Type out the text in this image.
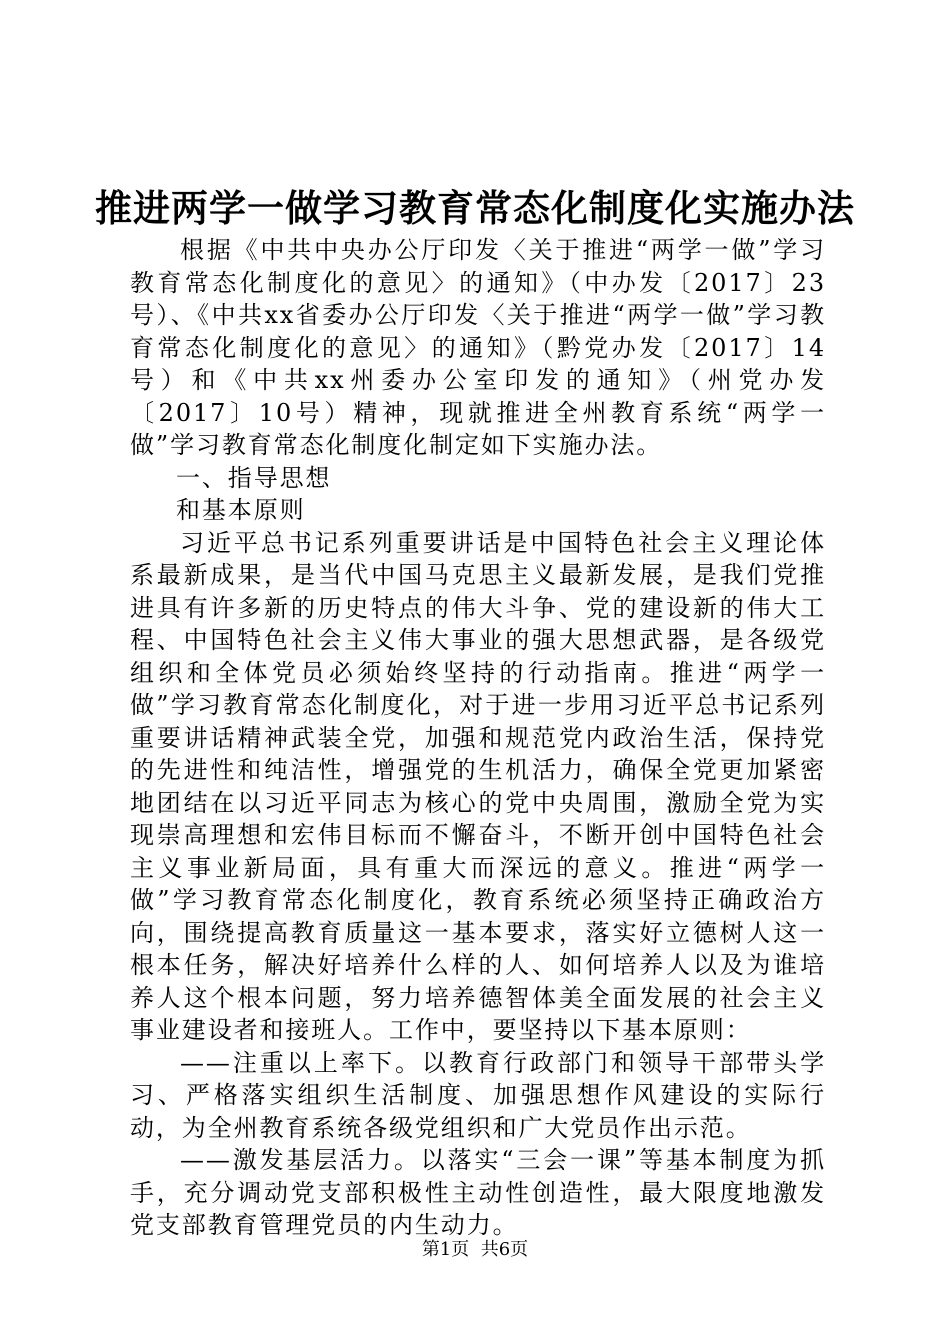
推进两学一做学习教育常态化制度化实施办法

根据《中共中央办公厅印发〈关于推进“两学一做”学习教育常态化制度化的意见〉的通知》（中办发〔2017〕23号）、《中共xx省委办公厅印发〈关于推进“两学一做”学习教育常态化制度化的意见〉的通知》（黔党办发〔2017〕14号）和《中共xx州委办公室印发的通知》（州党办发〔2017〕10号）精神，现就推进全州教育系统“两学一做”学习教育常态化制度化制定如下实施办法。

一、指导思想

和基本原则

习近平总书记系列重要讲话是中国特色社会主义理论体系最新成果，是当代中国马克思主义最新发展，是我们党推进具有许多新的历史特点的伟大斗争、党的建设新的伟大工程、中国特色社会主义伟大事业的强大思想武器，是各级党组织和全体党员必须始终坚持的行动指南。推进“两学一做”学习教育常态化制度化，对于进一步用习近平总书记系列重要讲话精神武装全党，加强和规范党内政治生活，保持党的先进性和纯洁性，增强党的生机活力，确保全党更加紧密地团结在以习近平同志为核心的党中央周围，激励全党为实现崇高理想和宏伟目标而不懈奋斗，不断开创中国特色社会主义事业新局面，具有重大而深远的意义。推进“两学一做”学习教育常态化制度化，教育系统必须坚持正确政治方向，围绕提高教育质量这一基本要求，落实好立德树人这一根本任务，解决好培养什么样的人、如何培养人以及为谁培养人这个根本问题，努力培养德智体美全面发展的社会主义事业建设者和接班人。工作中，要坚持以下基本原则：

——注重以上率下。以教育行政部门和领导干部带头学习、严格落实组织生活制度、加强思想作风建设的实际行动，为全州教育系统各级党组织和广大党员作出示范。

——激发基层活力。以落实“三会一课”等基本制度为抓手，充分调动党支部积极性主动性创造性，最大限度地激发党支部教育管理党员的内生动力。

第1页 共6页
